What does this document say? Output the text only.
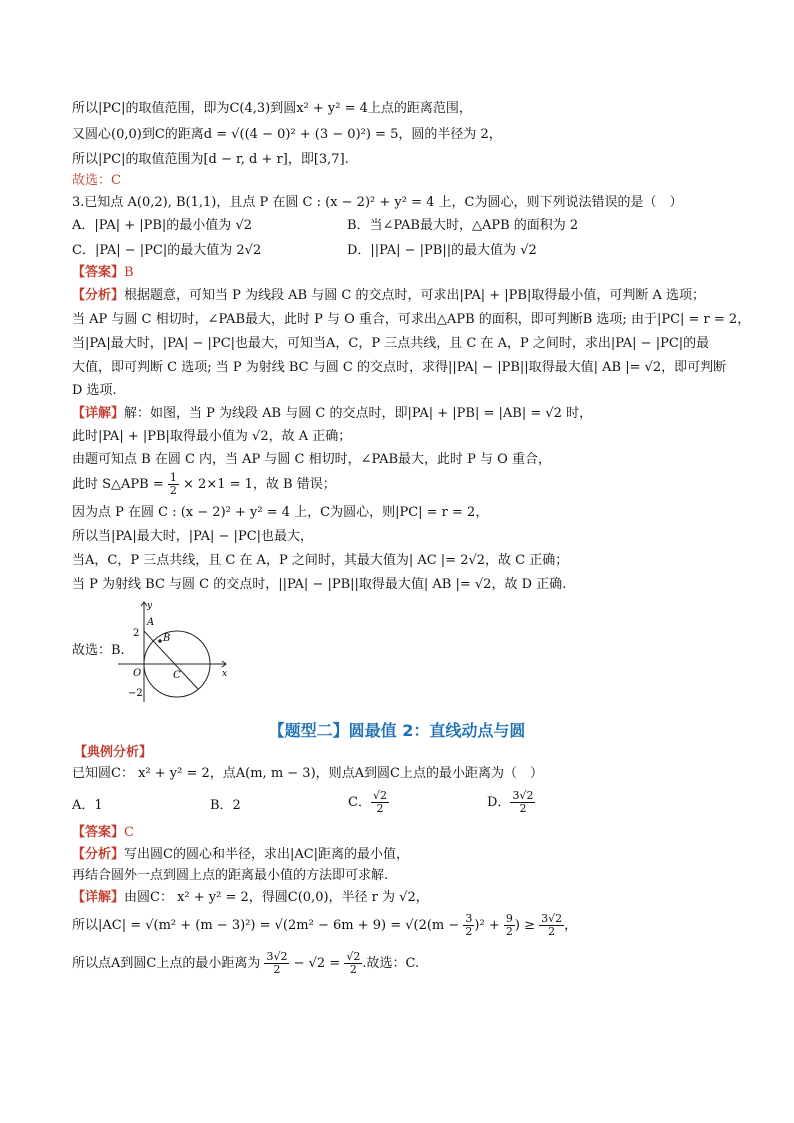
所以|PC|的取值范围，即为C(4,3)到圆x² + y² = 4上点的距离范围，
又圆心(0,0)到C的距离d = √((4 − 0)² + (3 − 0)²) = 5，圆的半径为 2，
所以|PC|的取值范围为[d − r, d + r]，即[3,7].
故选：C
3.已知点 A(0,2), B(1,1)，且点 P 在圆 C : (x − 2)² + y² = 4 上，C为圆心，则下列说法错误的是（　）
A．|PA| + |PB|的最小值为 √2	B．当∠PAB最大时，△APB 的面积为 2
C．|PA| − |PC|的最大值为 2√2	D．||PA| − |PB||的最大值为 √2
【答案】B
【分析】根据题意，可知当 P 为线段 AB 与圆 C 的交点时，可求出|PA| + |PB|取得最小值，可判断 A 选项；
当 AP 与圆 C 相切时，∠PAB最大，此时 P 与 O 重合，可求出△APB 的面积，即可判断B 选项; 由于|PC| = r = 2，
当|PA|最大时，|PA| − |PC|也最大，可知当A，C，P 三点共线，且 C 在 A，P 之间时，求出|PA| − |PC|的最
大值，即可判断 C 选项; 当 P 为射线 BC 与圆 C 的交点时，求得||PA| − |PB||取得最大值| AB |= √2，即可判断
D 选项.
【详解】解：如图，当 P 为线段 AB 与圆 C 的交点时，即|PA| + |PB| = |AB| = √2 时，
此时|PA| + |PB|取得最小值为 √2，故 A 正确；
由题可知点 B 在圆 C 内，当 AP 与圆 C 相切时，∠PAB最大，此时 P 与 O 重合，
此时 S△APB = $\frac{1}{2} \times 2\times 1 = 1$，故 B 错误；
因为点 P 在圆 C : (x − 2)² + y² = 4 上，C为圆心，则|PC| = r = 2，
所以当|PA|最大时，|PA| − |PC|也最大，
当A，C，P 三点共线，且 C 在 A，P 之间时，其最大值为| AC |= 2√2，故 C 正确；
当 P 为射线 BC 与圆 C 的交点时，||PA| − |PB||取得最大值| AB |= √2，故 D 正确.
故选：B.
y
x
A
B
C
O
2
−2
【题型二】圆最值 2：直线动点与圆
【典例分析】
已知圆C： x² + y² = 2，点A(m, m − 3)，则点A到圆C上点的最小距离为（　）
A．1	B．2	C． $\frac{√2}{2}$	D． $\frac{3√2}{2}$
【答案】C
【分析】写出圆C的圆心和半径，求出|AC|距离的最小值，
再结合圆外一点到圆上点的距离最小值的方法即可求解.
【详解】由圆C： x² + y² = 2，得圆C(0,0)，半径 r 为 √2，
所以$|AC| = √(m^2 + (m - 3)^2) = √(2m^2 - 6m + 9) = √(2(m - \frac{3}{2} )^2 + \frac{9}{2}$ ) ≥ $\frac{3√2}{2}$ ，
所以点A到圆C上点的最小距离为 $\frac{3√2}{2} - √2 = \frac{√2}{2}$ .故选：C.
